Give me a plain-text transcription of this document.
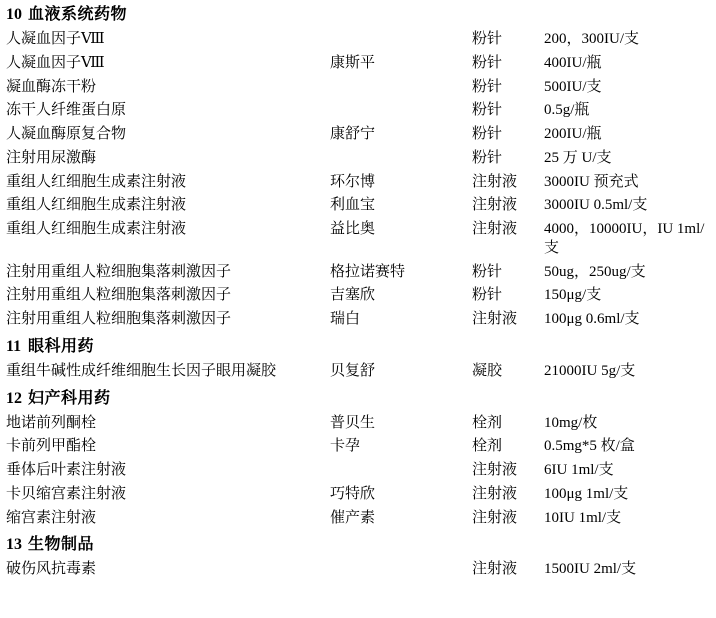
10 血液系统药物			
人凝血因子Ⅷ		粉针	200，300IU/支
人凝血因子Ⅷ	康斯平	粉针	400IU/瓶
凝血酶冻干粉		粉针	500IU/支
冻干人纤维蛋白原		粉针	0.5g/瓶
人凝血酶原复合物	康舒宁	粉针	200IU/瓶
注射用尿激酶		粉针	25 万 U/支
重组人红细胞生成素注射液	环尔博	注射液	3000IU 预充式
重组人红细胞生成素注射液	利血宝	注射液	3000IU 0.5ml/支
重组人红细胞生成素注射液	益比奥	注射液	4000，10000IU，IU 1ml/支
注射用重组人粒细胞集落刺激因子	格拉诺赛特	粉针	50ug，250ug/支
注射用重组人粒细胞集落刺激因子	吉塞欣	粉针	150μg/支
注射用重组人粒细胞集落刺激因子	瑞白	注射液	100μg 0.6ml/支
11 眼科用药			
重组牛碱性成纤维细胞生长因子眼用凝胶	贝复舒	凝胶	21000IU 5g/支
12 妇产科用药			
地诺前列酮栓	普贝生	栓剂	10mg/枚
卡前列甲酯栓	卡孕	栓剂	0.5mg*5 枚/盒
垂体后叶素注射液		注射液	6IU 1ml/支
卡贝缩宫素注射液	巧特欣	注射液	100μg 1ml/支
缩宫素注射液	催产素	注射液	10IU 1ml/支
13 生物制品			
破伤风抗毒素		注射液	1500IU 2ml/支
